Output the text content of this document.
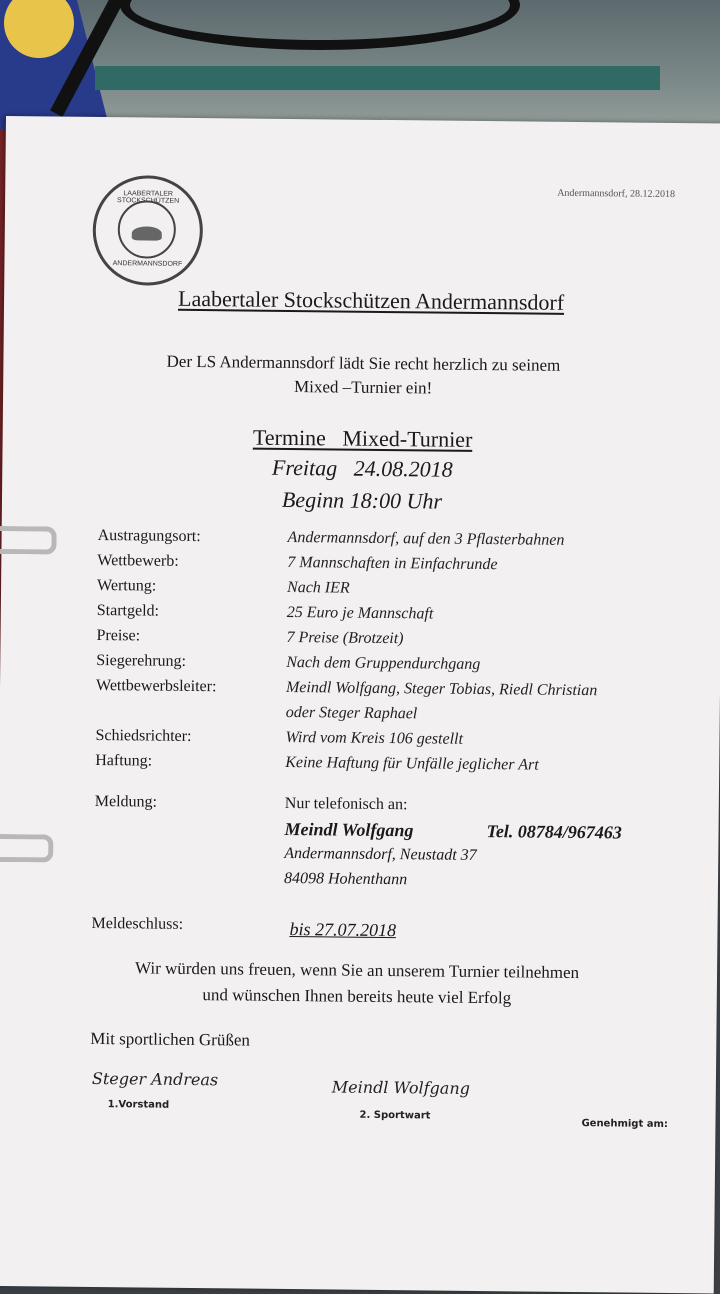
LAABERTALER STOCKSCHÜTZEN
ANDERMANNSDORF
Andermannsdorf, 28.12.2018
Laabertaler Stockschützen Andermannsdorf
Der LS Andermannsdorf lädt Sie recht herzlich zu seinem
Mixed –Turnier ein!
Termine   Mixed-Turnier
Freitag   24.08.2018
Beginn 18:00 Uhr
Austragungsort:	Andermannsdorf, auf den 3 Pflasterbahnen
Wettbewerb:	7 Mannschaften in Einfachrunde
Wertung:	Nach IER
Startgeld:	25 Euro je Mannschaft
Preise:	7 Preise (Brotzeit)
Siegerehrung:	Nach dem Gruppendurchgang
Wettbewerbsleiter:	Meindl Wolfgang, Steger Tobias, Riedl Christian
oder Steger Raphael
Schiedsrichter:	Wird vom Kreis 106 gestellt
Haftung:	Keine Haftung für Unfälle jeglicher Art
Meldung:	Nur telefonisch an:
Meindl Wolfgang	Tel. 08784/967463
Andermannsdorf, Neustadt 37
84098 Hohenthann
Meldeschluss:	bis 27.07.2018
Wir würden uns freuen, wenn Sie an unserem Turnier teilnehmen
und wünschen Ihnen bereits heute viel Erfolg
Mit sportlichen Grüßen
Steger Andreas
1.Vorstand
Meindl Wolfgang
2. Sportwart
Genehmigt am:
